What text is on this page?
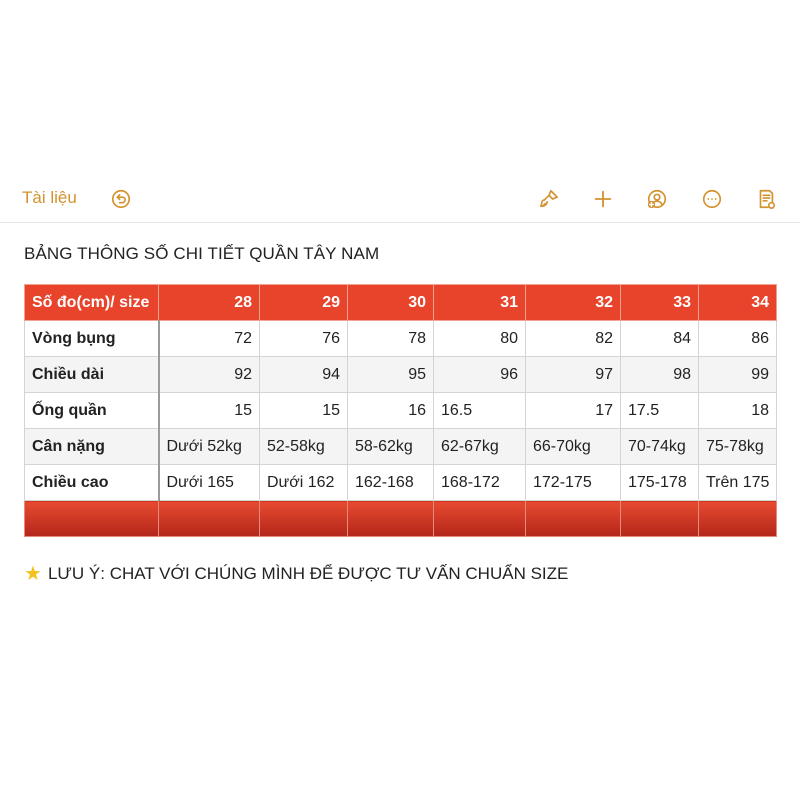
Tài liệu
BẢNG THÔNG SỐ CHI TIẾT QUẦN TÂY NAM
Số đo(cm)/ size	28	29	30	31	32	33	34
Vòng bụng	72	76	78	80	82	84	86
Chiều dài	92	94	95	96	97	98	99
Ống quần	15	15	16	16.5	17	17.5	18
Cân nặng	Dưới 52kg	52-58kg	58-62kg	62-67kg	66-70kg	70-74kg	75-78kg
Chiều cao	Dưới 165	Dưới 162	162-168	168-172	172-175	175-178	Trên 175

★ LƯU Ý: CHAT VỚI CHÚNG MÌNH ĐỂ ĐƯỢC TƯ VẤN CHUẨN SIZE
